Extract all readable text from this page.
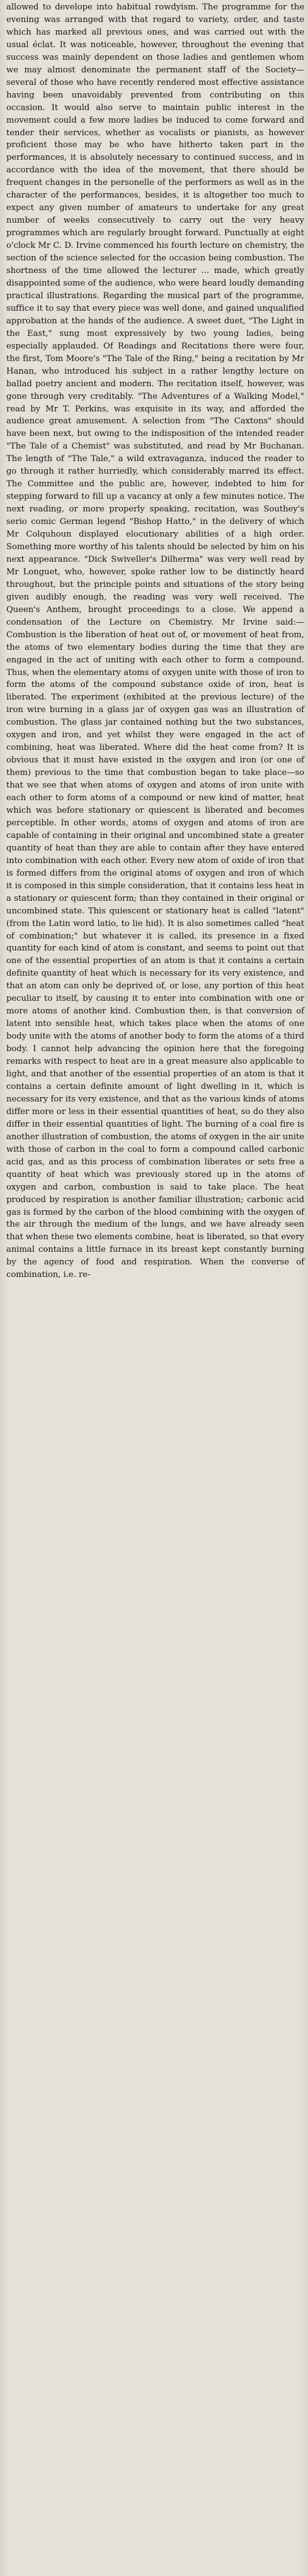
allowed to develope into habitual rowdyism. The programme for the evening was arranged with that regard to variety, order, and taste which has marked all previous ones, and was carried out with the usual éclat. It was noticeable, however, throughout the evening that success was mainly dependent on those ladies and gentlemen whom we may almost denominate the permanent staff of the Society—several of those who have recently rendered most effective assistance having been unavoidably prevented from contributing on this occasion. It would also serve to maintain public interest in the movement could a few more ladies be induced to come forward and tender their services, whether as vocalists or pianists, as however proficient those may be who have hitherto taken part in the performances, it is absolutely necessary to continued success, and in accordance with the idea of the movement, that there should be frequent changes in the personelle of the performers as well as in the character of the performances, besides, it is altogether too much to expect any given number of amateurs to undertake for any great number of weeks consecutively to carry out the very heavy programmes which are regularly brought forward. Punctually at eight o'clock Mr C. D. Irvine commenced his fourth lecture on chemistry, the section of the science selected for the occasion being combustion. The shortness of the time allowed the lecturer ... made, which greatly disappointed some of the audience, who were heard loudly demanding practical illustrations. Regarding the musical part of the programme, suffice it to say that every piece was well done, and gained unqualified approbation at the hands of the audience. A sweet duet, "The Light in the East," sung most expressively by two young ladies, being especially applauded. Of Readings and Recitations there were four, the first, Tom Moore's "The Tale of the Ring," being a recitation by Mr Hanan, who introduced his subject in a rather lengthy lecture on ballad poetry ancient and modern. The recitation itself, however, was gone through very creditably. "The Adventures of a Walking Model," read by Mr T. Perkins, was exquisite in its way, and afforded the audience great amusement. A selection from "The Caxtons" should have been next, but owing to the indisposition of the intended reader "The Tale of a Chemist" was substituted, and read by Mr Buchanan. The length of "The Tale," a wild extravaganza, induced the reader to go through it rather hurriedly, which considerably marred its effect. The Committee and the public are, however, indebted to him for stepping forward to fill up a vacancy at only a few minutes notice. The next reading, or more properly speaking, recitation, was Southey's serio comic German legend "Bishop Hatto," in the delivery of which Mr Colquhoun displayed elocutionary abilities of a high order. Something more worthy of his talents should be selected by him on his next appearance. "Dick Swiveller's Dilherma" was very well read by Mr Longuet, who, however, spoke rather low to be distinctly heard throughout, but the principle points and situations of the story being given audibly enough, the reading was very well received. The Queen's Anthem, brought proceedings to a close. We append a condensation of the Lecture on Chemistry. Mr Irvine said:—Combustion is the liberation of heat out of, or movement of heat from, the atoms of two elementary bodies during the time that they are engaged in the act of uniting with each other to form a compound. Thus, when the elementary atoms of oxygen unite with those of iron to form the atoms of the compound substance oxide of iron, heat is liberated. The experiment (exhibited at the previous lecture) of the iron wire burning in a glass jar of oxygen gas was an illustration of combustion. The glass jar contained nothing but the two substances, oxygen and iron, and yet whilst they were engaged in the act of combining, heat was liberated. Where did the heat come from? It is obvious that it must have existed in the oxygen and iron (or one of them) previous to the time that combustion began to take place—so that we see that when atoms of oxygen and atoms of iron unite with each other to form atoms of a compound or new kind of matter, heat which was before stationary or quiescent is liberated and becomes perceptible. In other words, atoms of oxygen and atoms of iron are capable of containing in their original and uncombined state a greater quantity of heat than they are able to contain after they have entered into combination with each other. Every new atom of oxide of iron that is formed differs from the original atoms of oxygen and iron of which it is composed in this simple consideration, that it contains less heat in a stationary or quiescent form; than they contained in their original or uncombined state. This quiescent or stationary heat is called "latent" (from the Latin word latio, to lie hid). It is also sometimes called "heat of combination;" but whatever it is called, its presence in a fixed quantity for each kind of atom is constant, and seems to point out that one of the essential properties of an atom is that it contains a certain definite quantity of heat which is necessary for its very existence, and that an atom can only be deprived of, or lose, any portion of this heat peculiar to itself, by causing it to enter into combination with one or more atoms of another kind. Combustion then, is that conversion of latent into sensible heat, which takes place when the atoms of one body unite with the atoms of another body to form the atoms of a third body. I cannot help advancing the opinion here that the foregoing remarks with respect to heat are in a great measure also applicable to light, and that another of the essential properties of an atom is that it contains a certain definite amount of light dwelling in it, which is necessary for its very existence, and that as the various kinds of atoms differ more or less in their essential quantities of heat, so do they also differ in their essential quantities of light. The burning of a coal fire is another illustration of combustion, the atoms of oxygen in the air unite with those of carbon in the coal to form a compound called carbonic acid gas, and as this process of combination liberates or sets free a quantity of heat which was previously stored up in the atoms of oxygen and carbon, combustion is said to take place. The heat produced by respiration is another familiar illustration; carbonic acid gas is formed by the carbon of the blood combining with the oxygen of the air through the medium of the lungs, and we have already seen that when these two elements combine, heat is liberated, so that every animal contains a little furnace in its breast kept constantly burning by the agency of food and respiration. When the converse of combination, i.e. re-
